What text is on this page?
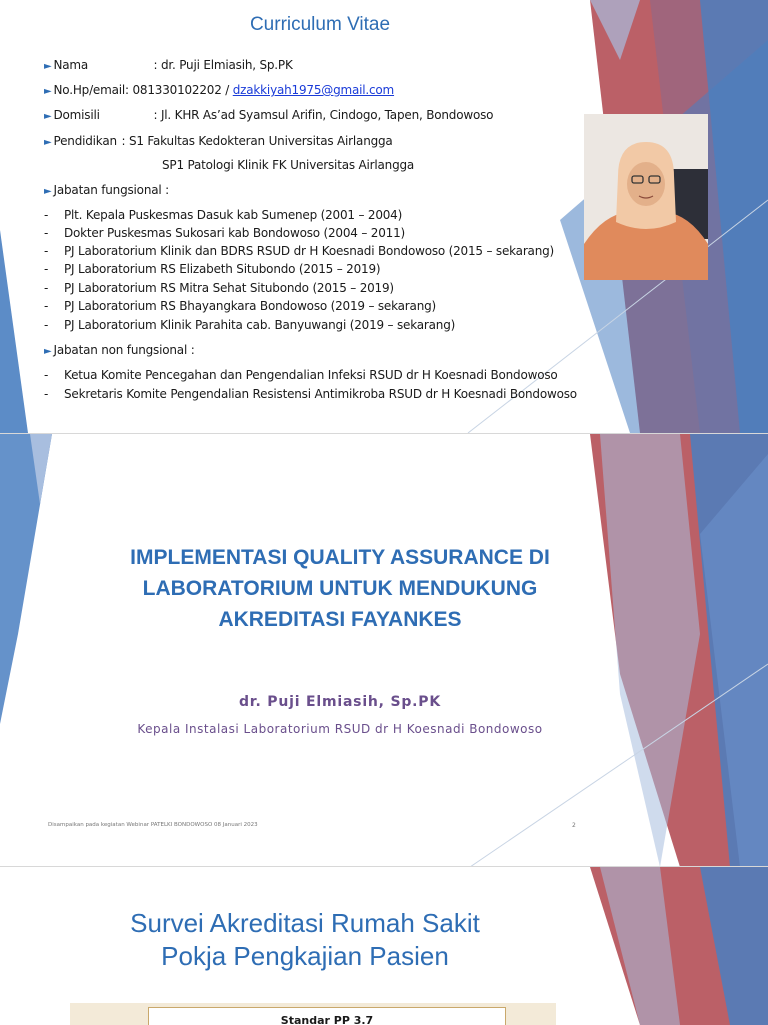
Curriculum Vitae
► Nama	: dr. Puji Elmiasih, Sp.PK
► No.Hp/email: 081330102202 / dzakkiyah1975@gmail.com
► Domisili	: Jl. KHR As’ad Syamsul Arifin, Cindogo, Tapen, Bondowoso
► Pendidikan : S1 Fakultas Kedokteran Universitas Airlangga
SP1 Patologi Klinik FK Universitas Airlangga
► Jabatan fungsional :
- Plt. Kepala Puskesmas Dasuk kab Sumenep (2001 – 2004)
- Dokter Puskesmas Sukosari kab Bondowoso (2004 – 2011)
- PJ Laboratorium Klinik dan BDRS RSUD dr H Koesnadi Bondowoso (2015 – sekarang)
- PJ Laboratorium RS Elizabeth Situbondo (2015 – 2019)
- PJ Laboratorium RS Mitra Sehat Situbondo (2015 – 2019)
- PJ Laboratorium RS Bhayangkara Bondowoso (2019 – sekarang)
- PJ Laboratorium Klinik Parahita cab. Banyuwangi (2019 – sekarang)
► Jabatan non fungsional :
- Ketua Komite Pencegahan dan Pengendalian Infeksi RSUD dr H Koesnadi Bondowoso
- Sekretaris Komite Pengendalian Resistensi Antimikroba RSUD dr H Koesnadi Bondowoso
IMPLEMENTASI QUALITY ASSURANCE DI
LABORATORIUM UNTUK MENDUKUNG
AKREDITASI FAYANKES
dr. Puji Elmiasih, Sp.PK
Kepala Instalasi Laboratorium RSUD dr H Koesnadi Bondowoso
Disampaikan pada kegiatan Webinar PATELKI BONDOWOSO 08 Januari 2023	2
Survei Akreditasi Rumah Sakit
Pokja Pengkajian Pasien
Standar PP 3.7
